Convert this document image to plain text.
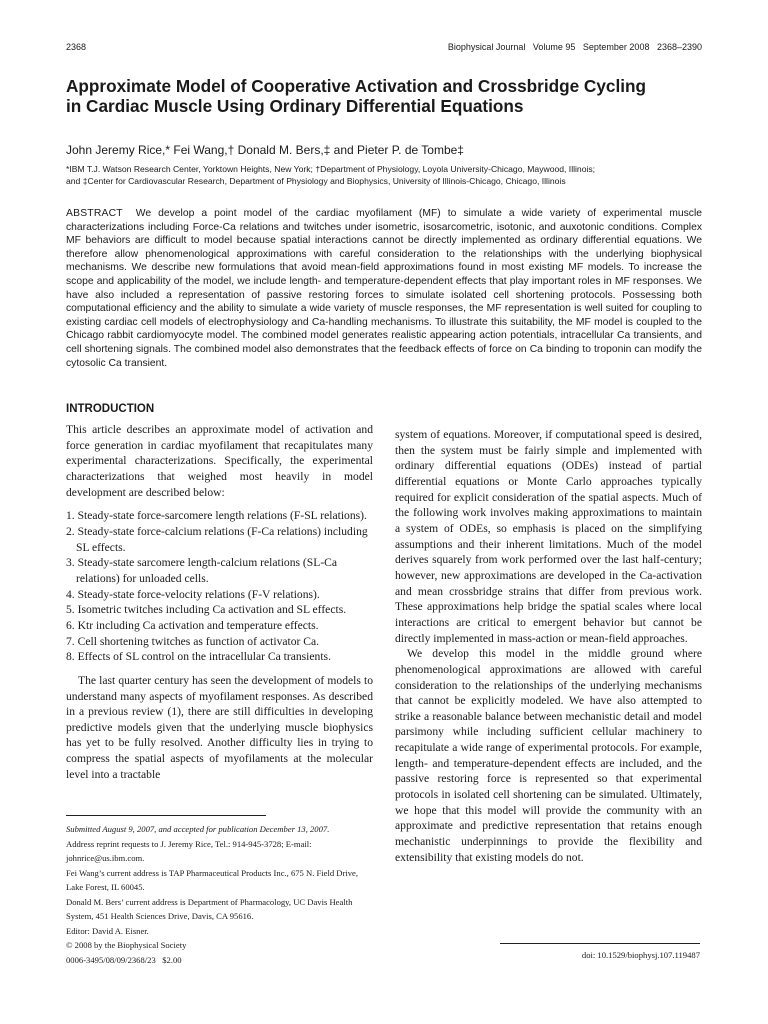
2368	Biophysical Journal   Volume 95   September 2008   2368–2390
Approximate Model of Cooperative Activation and Crossbridge Cycling
in Cardiac Muscle Using Ordinary Differential Equations
John Jeremy Rice,* Fei Wang,† Donald M. Bers,‡ and Pieter P. de Tombe‡
*IBM T.J. Watson Research Center, Yorktown Heights, New York; †Department of Physiology, Loyola University-Chicago, Maywood, Illinois;
and ‡Center for Cardiovascular Research, Department of Physiology and Biophysics, University of Illinois-Chicago, Chicago, Illinois
ABSTRACT We develop a point model of the cardiac myofilament (MF) to simulate a wide variety of experimental muscle characterizations including Force-Ca relations and twitches under isometric, isosarcometric, isotonic, and auxotonic conditions. Complex MF behaviors are difficult to model because spatial interactions cannot be directly implemented as ordinary differential equations. We therefore allow phenomenological approximations with careful consideration to the relationships with the underlying biophysical mechanisms. We describe new formulations that avoid mean-field approximations found in most existing MF models. To increase the scope and applicability of the model, we include length- and temperature-dependent effects that play important roles in MF responses. We have also included a representation of passive restoring forces to simulate isolated cell shortening protocols. Possessing both computational efficiency and the ability to simulate a wide variety of muscle responses, the MF representation is well suited for coupling to existing cardiac cell models of electrophysiology and Ca-handling mechanisms. To illustrate this suitability, the MF model is coupled to the Chicago rabbit cardiomyocyte model. The combined model generates realistic appearing action potentials, intracellular Ca transients, and cell shortening signals. The combined model also demonstrates that the feedback effects of force on Ca binding to troponin can modify the cytosolic Ca transient.
INTRODUCTION

This article describes an approximate model of activation and force generation in cardiac myofilament that recapitulates many experimental characterizations. Specifically, the experimental characterizations that weighed most heavily in model development are described below:

1. Steady-state force-sarcomere length relations (F-SL relations).
2. Steady-state force-calcium relations (F-Ca relations) including SL effects.
3. Steady-state sarcomere length-calcium relations (SL-Ca relations) for unloaded cells.
4. Steady-state force-velocity relations (F-V relations).
5. Isometric twitches including Ca activation and SL effects.
6. Ktr including Ca activation and temperature effects.
7. Cell shortening twitches as function of activator Ca.
8. Effects of SL control on the intracellular Ca transients.

The last quarter century has seen the development of models to understand many aspects of myofilament responses. As described in a previous review (1), there are still difficulties in developing predictive models given that the underlying muscle biophysics has yet to be fully resolved. Another difficulty lies in trying to compress the spatial aspects of myofilaments at the molecular level into a tractable

system of equations. Moreover, if computational speed is desired, then the system must be fairly simple and implemented with ordinary differential equations (ODEs) instead of partial differential equations or Monte Carlo approaches typically required for explicit consideration of the spatial aspects. Much of the following work involves making approximations to maintain a system of ODEs, so emphasis is placed on the simplifying assumptions and their inherent limitations. Much of the model derives squarely from work performed over the last half-century; however, new approximations are developed in the Ca-activation and mean crossbridge strains that differ from previous work. These approximations help bridge the spatial scales where local interactions are critical to emergent behavior but cannot be directly implemented in mass-action or mean-field approaches.

We develop this model in the middle ground where phenomenological approximations are allowed with careful consideration to the relationships of the underlying mechanisms that cannot be explicitly modeled. We have also attempted to strike a reasonable balance between mechanistic detail and model parsimony while including sufficient cellular machinery to recapitulate a wide range of experimental protocols. For example, length- and temperature-dependent effects are included, and the passive restoring force is represented so that experimental protocols in isolated cell shortening can be simulated. Ultimately, we hope that this model will provide the community with an approximate and predictive representation that retains enough mechanistic underpinnings to provide the flexibility and extensibility that existing models do not.

Submitted August 9, 2007, and accepted for publication December 13, 2007.

Address reprint requests to J. Jeremy Rice, Tel.: 914-945-3728; E-mail: johnrice@us.ibm.com.

Fei Wang’s current address is TAP Pharmaceutical Products Inc., 675 N. Field Drive, Lake Forest, IL 60045.

Donald M. Bers’ current address is Department of Pharmacology, UC Davis Health System, 451 Health Sciences Drive, Davis, CA 95616.

Editor: David A. Eisner.

© 2008 by the Biophysical Society

0006-3495/08/09/2368/23   $2.00	doi: 10.1529/biophysj.107.119487
